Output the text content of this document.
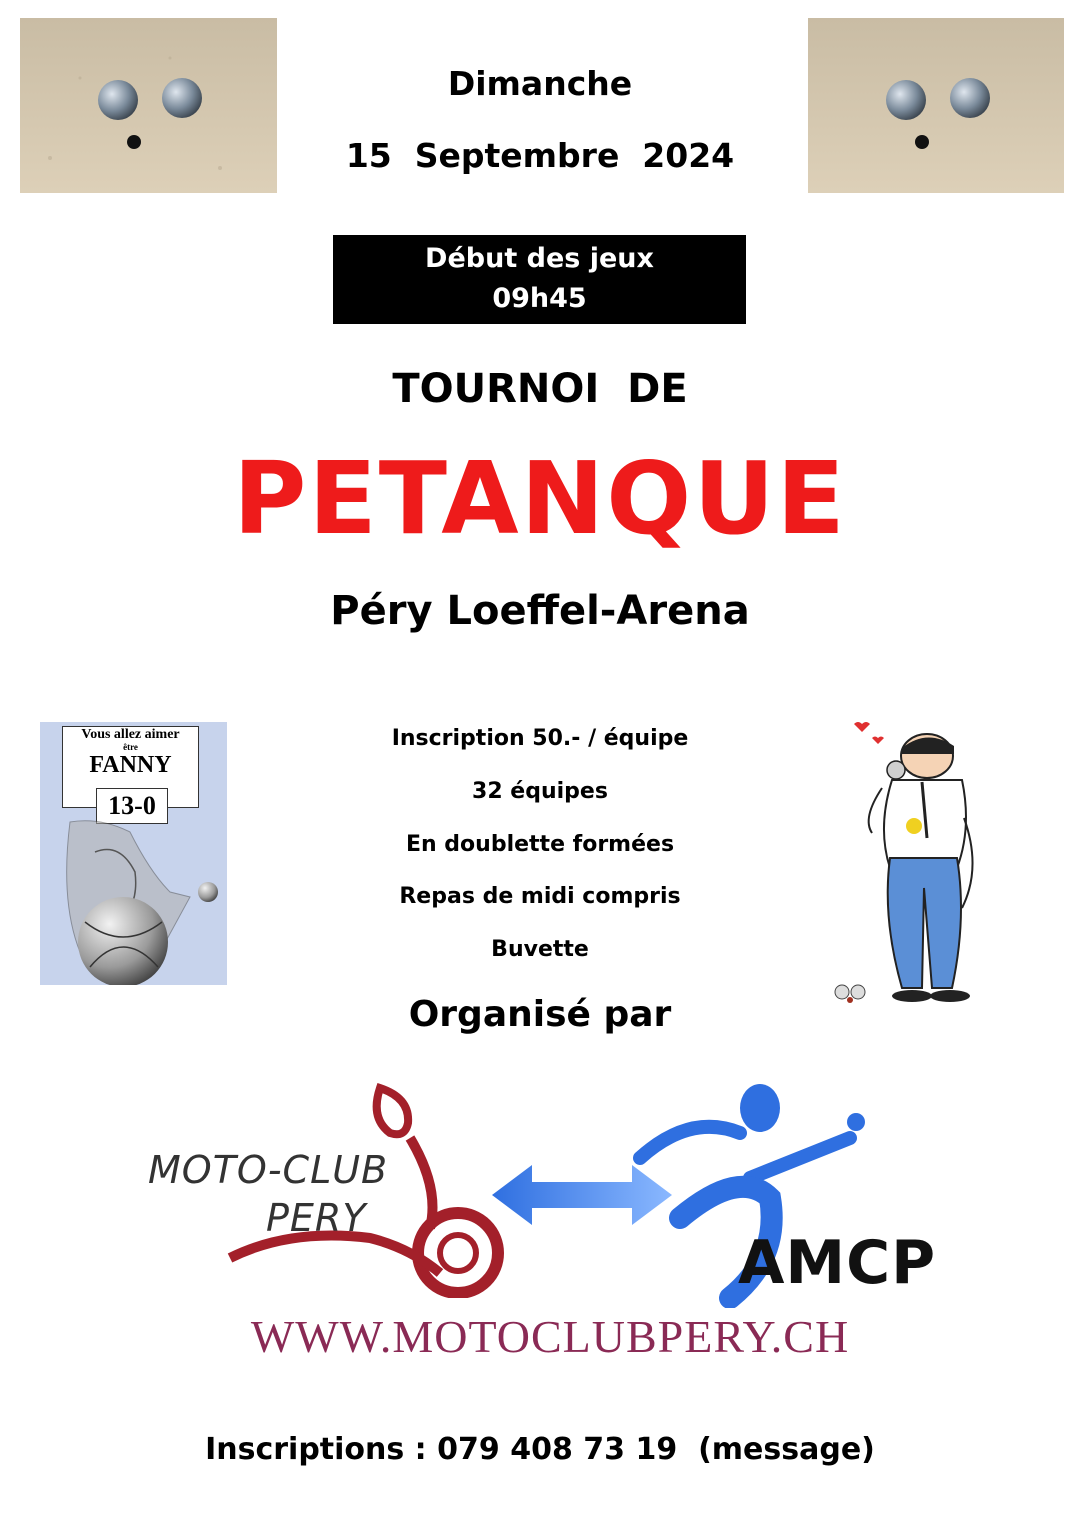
Dimanche
15  Septembre  2024
Début des jeux
09h45
TOURNOI  DE
PETANQUE
Péry Loeffel-Arena
Vous allez aimer
être
FANNY
13-0
Inscription 50.- / équipe
32 équipes
En doublette formées
Repas de midi compris
Buvette
Organisé par
MOTO-CLUB
PERY
AMCP
WWW.MOTOCLUBPERY.CH
Inscriptions : 079 408 73 19  (message)
